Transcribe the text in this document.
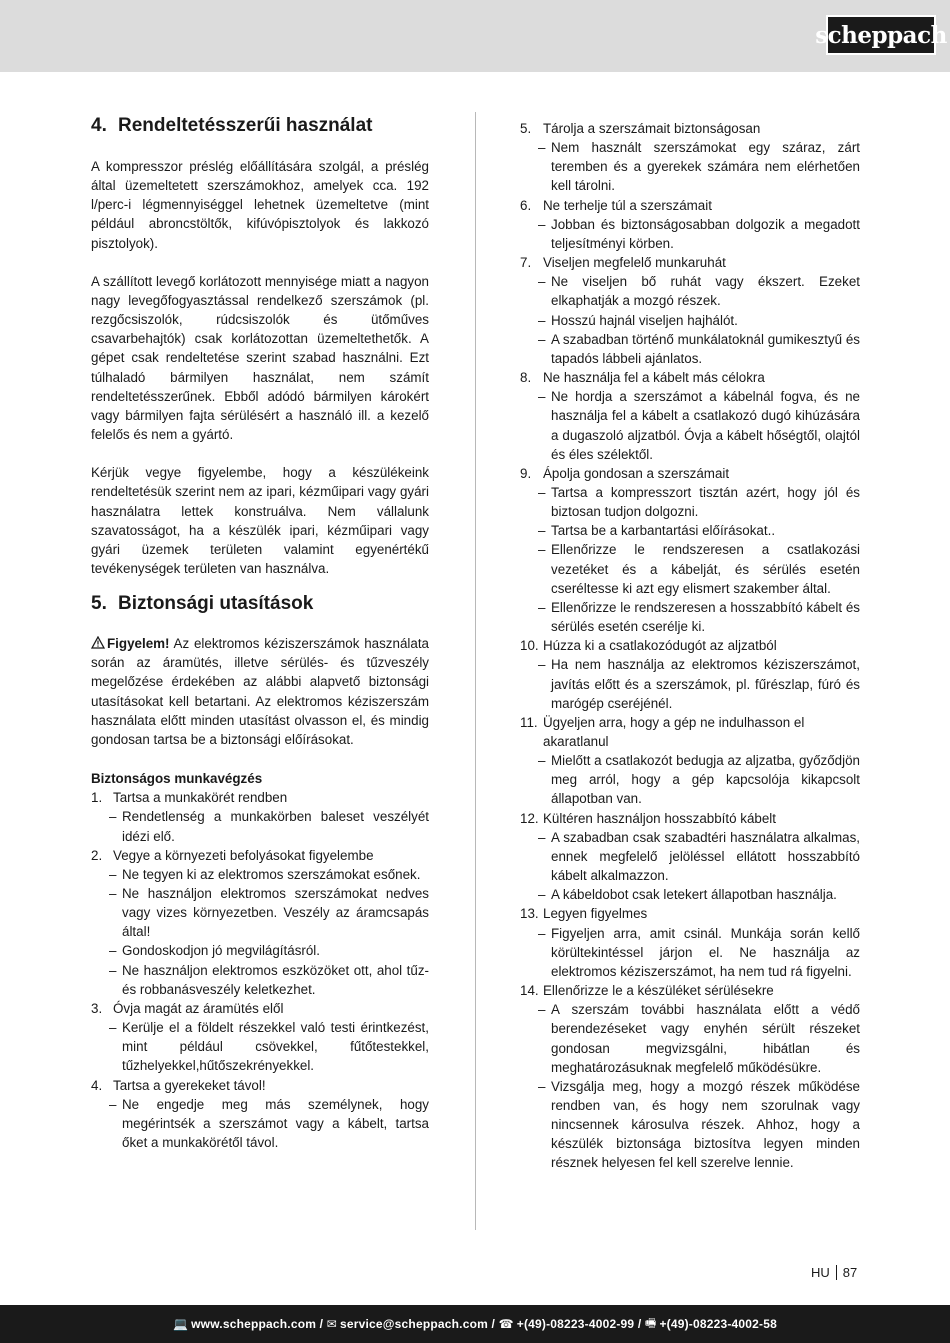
scheppach
4. Rendeltetésszerűi használat

A kompresszor préslég előállítására szolgál, a préslég által üzemeltetett szerszámokhoz, amelyek cca. 192 l/perc-i légmennyiséggel lehetnek üzemeltetve (mint például abroncstöltők, kifúvópisztolyok és lakkozó pisztolyok).

A szállított levegő korlátozott mennyisége miatt a nagyon nagy levegőfogyasztással rendelkező szerszámok (pl. rezgőcsiszolók, rúdcsiszolók és ütőműves csavarbehajtók) csak korlátozottan üzemeltethetők. A gépet csak rendeltetése szerint szabad használni. Ezt túlhaladó bármilyen használat, nem számít rendeltetésszerűnek. Ebből adódó bármilyen károkért vagy bármilyen fajta sérülésért a használó ill. a kezelő felelős és nem a gyártó.

Kérjük vegye figyelembe, hogy a készülékeink rendeltetésük szerint nem az ipari, kézműipari vagy gyári használatra lettek konstruálva. Nem vállalunk szavatosságot, ha a készülék ipari, kézműipari vagy gyári üzemek területen valamint egyenértékű tevékenységek területen van használva.

5. Biztonsági utasítások

Figyelem! Az elektromos kéziszerszámok használata során az áramütés, illetve sérülés- és tűzveszély megelőzése érdekében az alábbi alapvető biztonsági utasításokat kell betartani. Az elektromos kéziszerszám használata előtt minden utasítást olvasson el, és mindig gondosan tartsa be a biztonsági előírásokat.

Biztonságos munkavégzés
1. Tartsa a munkakörét rendben
– Rendetlenség a munkakörben baleset veszélyét idézi elő.
2. Vegye a környezeti befolyásokat figyelembe
– Ne tegyen ki az elektromos szerszámokat esőnek.
– Ne használjon elektromos szerszámokat nedves vagy vizes környezetben. Veszély az áramcsapás által!
– Gondoskodjon jó megvilágításról.
– Ne használjon elektromos eszközöket ott, ahol tűz- és robbanásveszély keletkezhet.
3. Óvja magát az áramütés elől
– Kerülje el a földelt részekkel való testi érintkezést, mint például csövekkel, fűtőtestekkel, tűzhelyekkel,hűtőszekrényekkel.
4. Tartsa a gyerekeket távol!
– Ne engedje meg más személynek, hogy megérintsék a szerszámot vagy a kábelt, tartsa őket a munkakörétől távol.
5. Tárolja a szerszámait biztonságosan
– Nem használt szerszámokat egy száraz, zárt teremben és a gyerekek számára nem elérhetően kell tárolni.
6. Ne terhelje túl a szerszámait
– Jobban és biztonságosabban dolgozik a megadott teljesítményi körben.
7. Viseljen megfelelő munkaruhát
– Ne viseljen bő ruhát vagy ékszert. Ezeket elkaphatják a mozgó részek.
– Hosszú hajnál viseljen hajhálót.
– A szabadban történő munkálatoknál gumikesztyű és tapadós lábbeli ajánlatos.
8. Ne használja fel a kábelt más célokra
– Ne hordja a szerszámot a kábelnál fogva, és ne használja fel a kábelt a csatlakozó dugó kihúzására a dugaszoló aljzatból. Óvja a kábelt hőségtől, olajtól és éles szélektől.
9. Ápolja gondosan a szerszámait
– Tartsa a kompresszort tisztán azért, hogy jól és biztosan tudjon dolgozni.
– Tartsa be a karbantartási előírásokat..
– Ellenőrizze le rendszeresen a csatlakozási vezetéket és a kábelját, és sérülés esetén cseréltesse ki azt egy elismert szakember által.
– Ellenőrizze le rendszeresen a hosszabbító kábelt és sérülés esetén cserélje ki.
10. Húzza ki a csatlakozódugót az aljzatból
– Ha nem használja az elektromos kéziszerszámot, javítás előtt és a szerszámok, pl. fűrészlap, fúró és marógép cseréjénél.
11. Ügyeljen arra, hogy a gép ne indulhasson el akaratlanul
– Mielőtt a csatlakozót bedugja az aljzatba, győződjön meg arról, hogy a gép kapcsolója kikapcsolt állapotban van.
12. Kültéren használjon hosszabbító kábelt
– A szabadban csak szabadtéri használatra alkalmas, ennek megfelelő jelöléssel ellátott hosszabbító kábelt alkalmazzon.
– A kábeldobot csak letekert állapotban használja.
13. Legyen figyelmes
– Figyeljen arra, amit csinál. Munkája során kellő körültekintéssel járjon el. Ne használja az elektromos kéziszerszámot, ha nem tud rá figyelni.
14. Ellenőrizze le a készüléket sérülésekre
– A szerszám további használata előtt a védő berendezéseket vagy enyhén sérült részeket gondosan megvizsgálni, hibátlan és meghatározásuknak megfelelő működésükre.
– Vizsgálja meg, hogy a mozgó részek működése rendben van, és hogy nem szorulnak vagy nincsennek károsulva részek. Ahhoz, hogy a készülék biztonsága biztosítva legyen minden résznek helyesen fel kell szerelve lennie.
HU 87
💻 www.scheppach.com /
✉ service@scheppach.com /
☎ +(49)-08223-4002-99 /
🖷 +(49)-08223-4002-58
